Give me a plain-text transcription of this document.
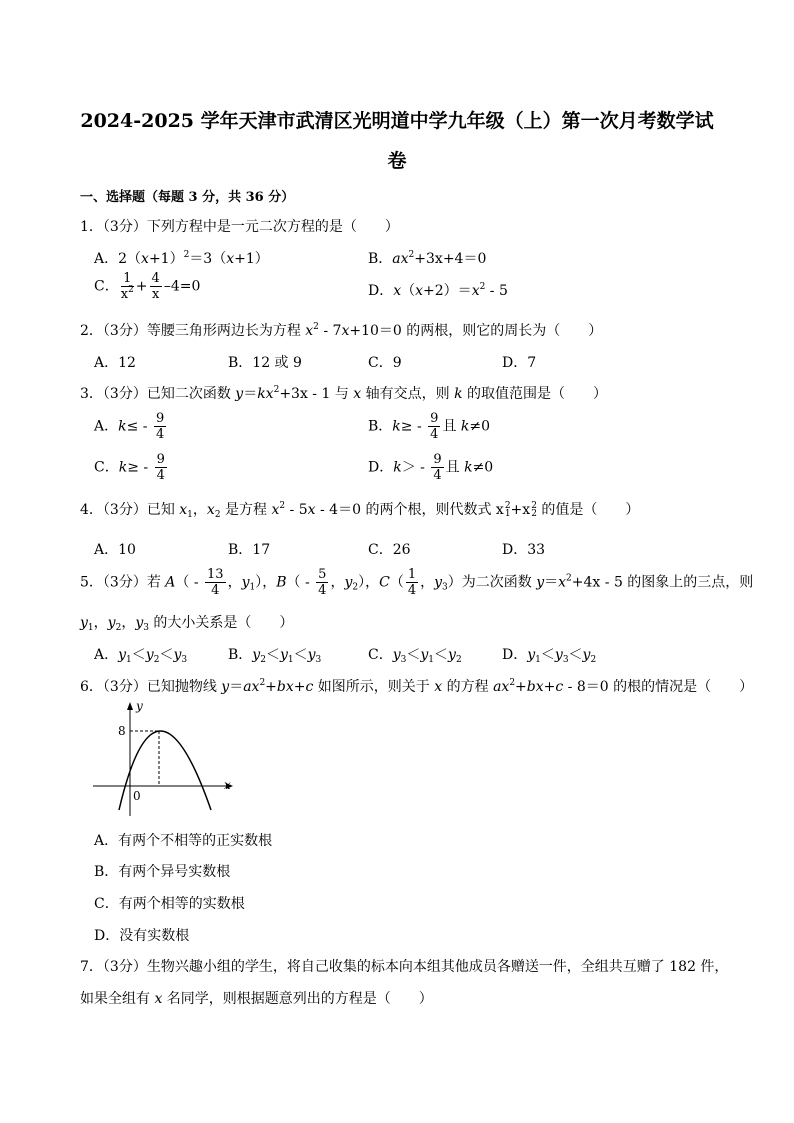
2024-2025 学年天津市武清区光明道中学九年级（上）第一次月考数学试
卷
一、选择题（每题 3 分，共 36 分）
1．（3分）下列方程中是一元二次方程的是（　　）
A．$2(x+1)^2=3(x+1)$	B．$ax^2+3x+4=0$
C． $\frac{1}{x^2} + \frac{4}{x} -4=0$	D．$x(x+2)=x^2 - 5$
2．（3分）等腰三角形两边长为方程 $x^2 - 7x+10=0$ 的两根，则它的周长为（　　）
A．12	B．12 或 9	C．9	D．7
3．（3分）已知二次函数 $y=kx^2+3x - 1$ 与 x 轴有交点，则 k 的取值范围是（　　）
A．$k\le - \frac{9}{4}$	B．$k\ge - \frac{9}{4}$ 且 k≠0
C．$k\ge - \frac{9}{4}$	D．$k> - \frac{9}{4}$ 且 k≠0
4．（3分）已知 $x_1$，$x_2$ 是方程 $x^2 - 5x - 4=0$ 的两个根，则代数式 x2
1+x2
2 的值是（　　）
A．10	B．17	C．26	D．33
5．（3分）若 $A( - \frac{13}{4}$ ，$y_1$），$B( - \frac{5}{4}$ ，$y_2$），$C( \frac{1}{4}$ ，$y_3$）为二次函数 $y=x^2+4x - 5$ 的图象上的三点，则
$y_1$，$y_2$，$y_3$ 的大小关系是（　　）
A．$y_1<y_2<y_3$	B．$y_2<y_1<y_3$	C．$y_3<y_1<y_2$	D．$y_1<y_3<y_2$
6．（3分）已知抛物线 $y=ax^2+bx+c$ 如图所示，则关于 x 的方程 $ax^2+bx+c - 8=0$ 的根的情况是（　　）
y
x
8
0
A．有两个不相等的正实数根
B．有两个异号实数根
C．有两个相等的实数根
D．没有实数根
7．（3分）生物兴趣小组的学生，将自己收集的标本向本组其他成员各赠送一件，全组共互赠了 182 件，
如果全组有 x 名同学，则根据题意列出的方程是（　　）
